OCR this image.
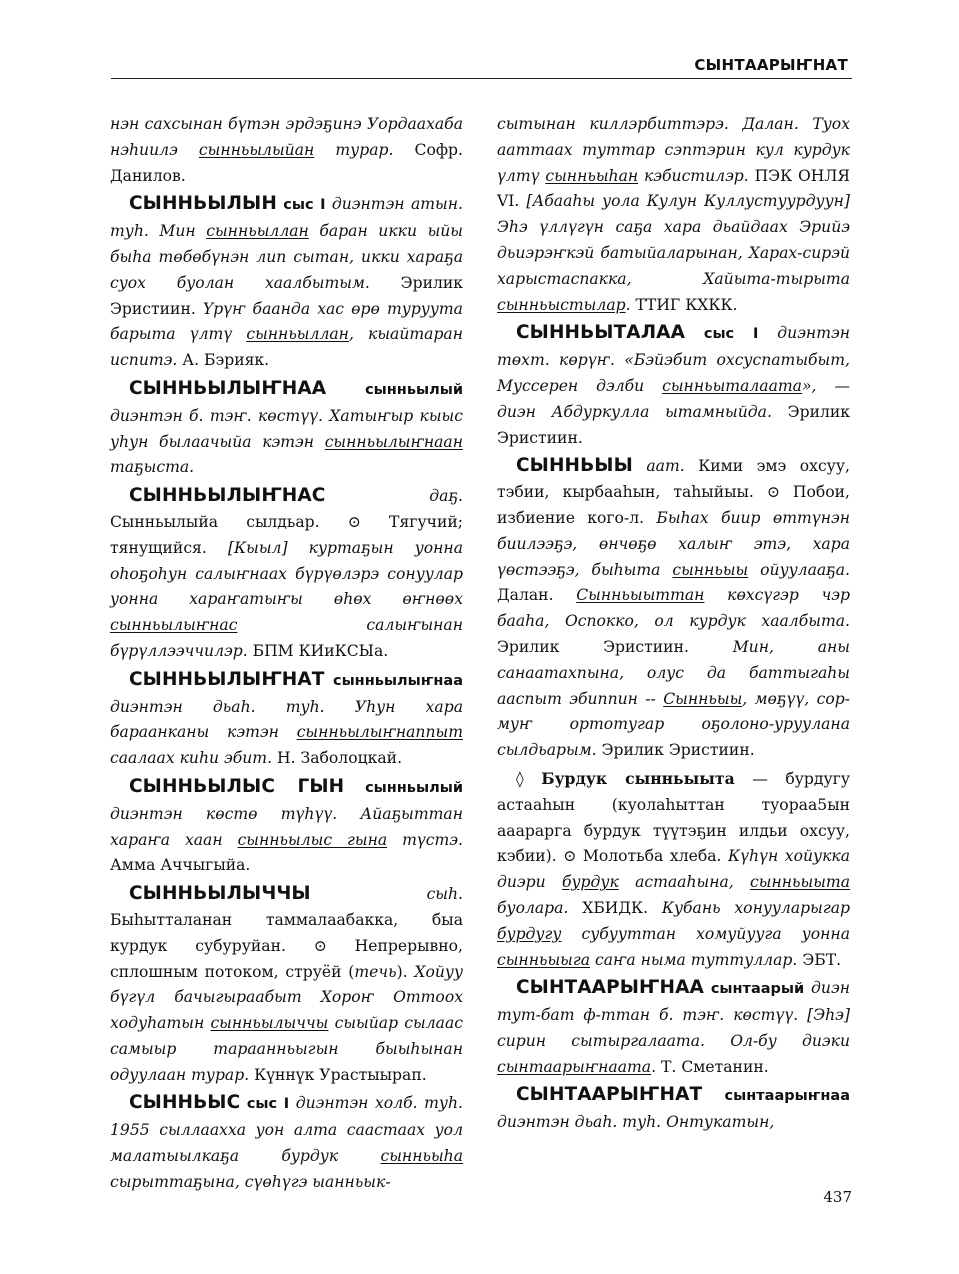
СЫНТААРЫҤНАТ

нэн сахсынан бүтэн эрдэҕинэ Уордаахаба нэһиилэ сынньылыйан турар. Софр. Данилов.

СЫННЬЫЛЫН сыс I диэнтэн атын. туһ. Мин сынньыллан баран икки ыйы быһа төбөбүнэн лип сытан, икки хараҕа суох буолан хаалбытым. Эрилик Эристиин. Үрүҥ баанда хас өрө туруута барыта үлтү сынньыллан, кыайтаран испитэ. А. Бэрияк.

СЫННЬЫЛЫҤНАА	сынньылый диэнтэн б. тэҥ. көстүү. Хатыҥыр кыыс уһун былаачыйа кэтэн сынньылыҥнаан таҕыста.

СЫННЬЫЛЫҤНАС	даҕ. Сынньылыйа сылдьар. ⊙ Тягучий; тянущийся. [Кыыл] куртаҕын уонна оһоҕоһун салыҥнаах бүрүөлэрэ сонуулар уонна хараҥатыҥы өһөх өҥнөөх сынньылыҥнас салыҥынан бүрүллээччилэр. БПМ КИиКСЫа.

СЫННЬЫЛЫҤНАТ сынньылыҥнаа диэнтэн дьаһ. туһ. Уһун хара бараанканы кэтэн сынньылыҥнаппыт саалаах киһи эбит. Н. Заболоцкай.

СЫННЬЫЛЫС ГЫН сынньылый диэнтэн көстө түһүү. Айаҕыттан хараҥа хаан сынньылыс гына түстэ. Амма Аччыгыйа.

СЫННЬЫЛЫЧЧЫ	сыһ. Быһытталанан таммалаабакка, быа курдук субуруйан. ⊙ Непрерывно, сплошным потоком, струёй (течь). Хойуу бүгүл бачыгыраабыт Хороҥ Оттоох ходуһатын сынньылыччы сыыйар сылаас самыыр тараанньыгын быыһынан одуулаан турар. Күннүк Урастыырап.

СЫННЬЫС сыс I диэнтэн холб. туһ. 1955 сыллаахха уон алта саастаах уол малатыылкаҕа бурдук сынньыһа сырыттаҕына, сүөһүгэ ыанньык-

сытынан киллэрбиттэрэ. Далан. Туох ааттаах туттар сэптэрин кул курдук үлтү сынньыһан кэбистилэр. ПЭК ОНЛЯ VI. [Абааһы уола Кулун Куллустуурдуун] Эһэ үллүгүн саҕа хара дьайдаах Эрийэ дьиэрэҥкэй батыйаларынан, Харах-сирэй харыстаспакка, Хайыта-тырыта сынньыстылар. ТТИГ КХКК.

СЫННЬЫТАЛАА сыс I диэнтэн төхт. көрүҥ. «Бэйэбит охсуспатыбыт, Муссерен дэлби сынньыталаата», — диэн Абдуркулла ытамныйда. Эрилик Эристиин.

СЫННЬЫЫ аат. Кими эмэ охсуу, тэбии, кырбааһын, таһыйыы. ⊙ Побои, избиение кого-л. Быһах биир өттүнэн биилээҕэ, өнчөҕө халыҥ этэ, хара үөстээҕэ, быһыта сынньыы ойуулааҕа. Далан. Сынньыыттан көхсүгэр чэр бааһа, Оспокко, ол курдук хаалбыта. Эрилик Эристиин. Мин, аны санаатахпына, олус да баттыгаһы ааспыт эбиппин -- Сынньыы, мөҕүү, сор-муҥ ортотугар оҕолоно-уруулана сылдьарым. Эрилик Эристиин.

◊ Бурдук сынньыыта — бурдугу астааһын (куолаһыттан туораа5ын ааарарга бурдук түүтэҕин илдьи охсуу, кэбии). ⊙ Молотьба хлеба. Күһүн хойукка диэри бурдук астааһына, сынньыыта буолара. ХБИДК. Кубань хонууларыгар бурдугу субууттан хомуйууга уонна сынньыыга саҥа ныма туттуллар. ЭБТ.

СЫНТААРЫҤНАА сынтаарый диэн тут-бат ф-ттан б. тэҥ. көстүү. [Эһэ] сирин сытыргалаата. Ол-бу диэки сынтаарыҥнаата. Т. Сметанин.

СЫНТААРЫҤНАТ сынтаарыҥнаа диэнтэн дьаһ. туһ. Онтукатын,

437
